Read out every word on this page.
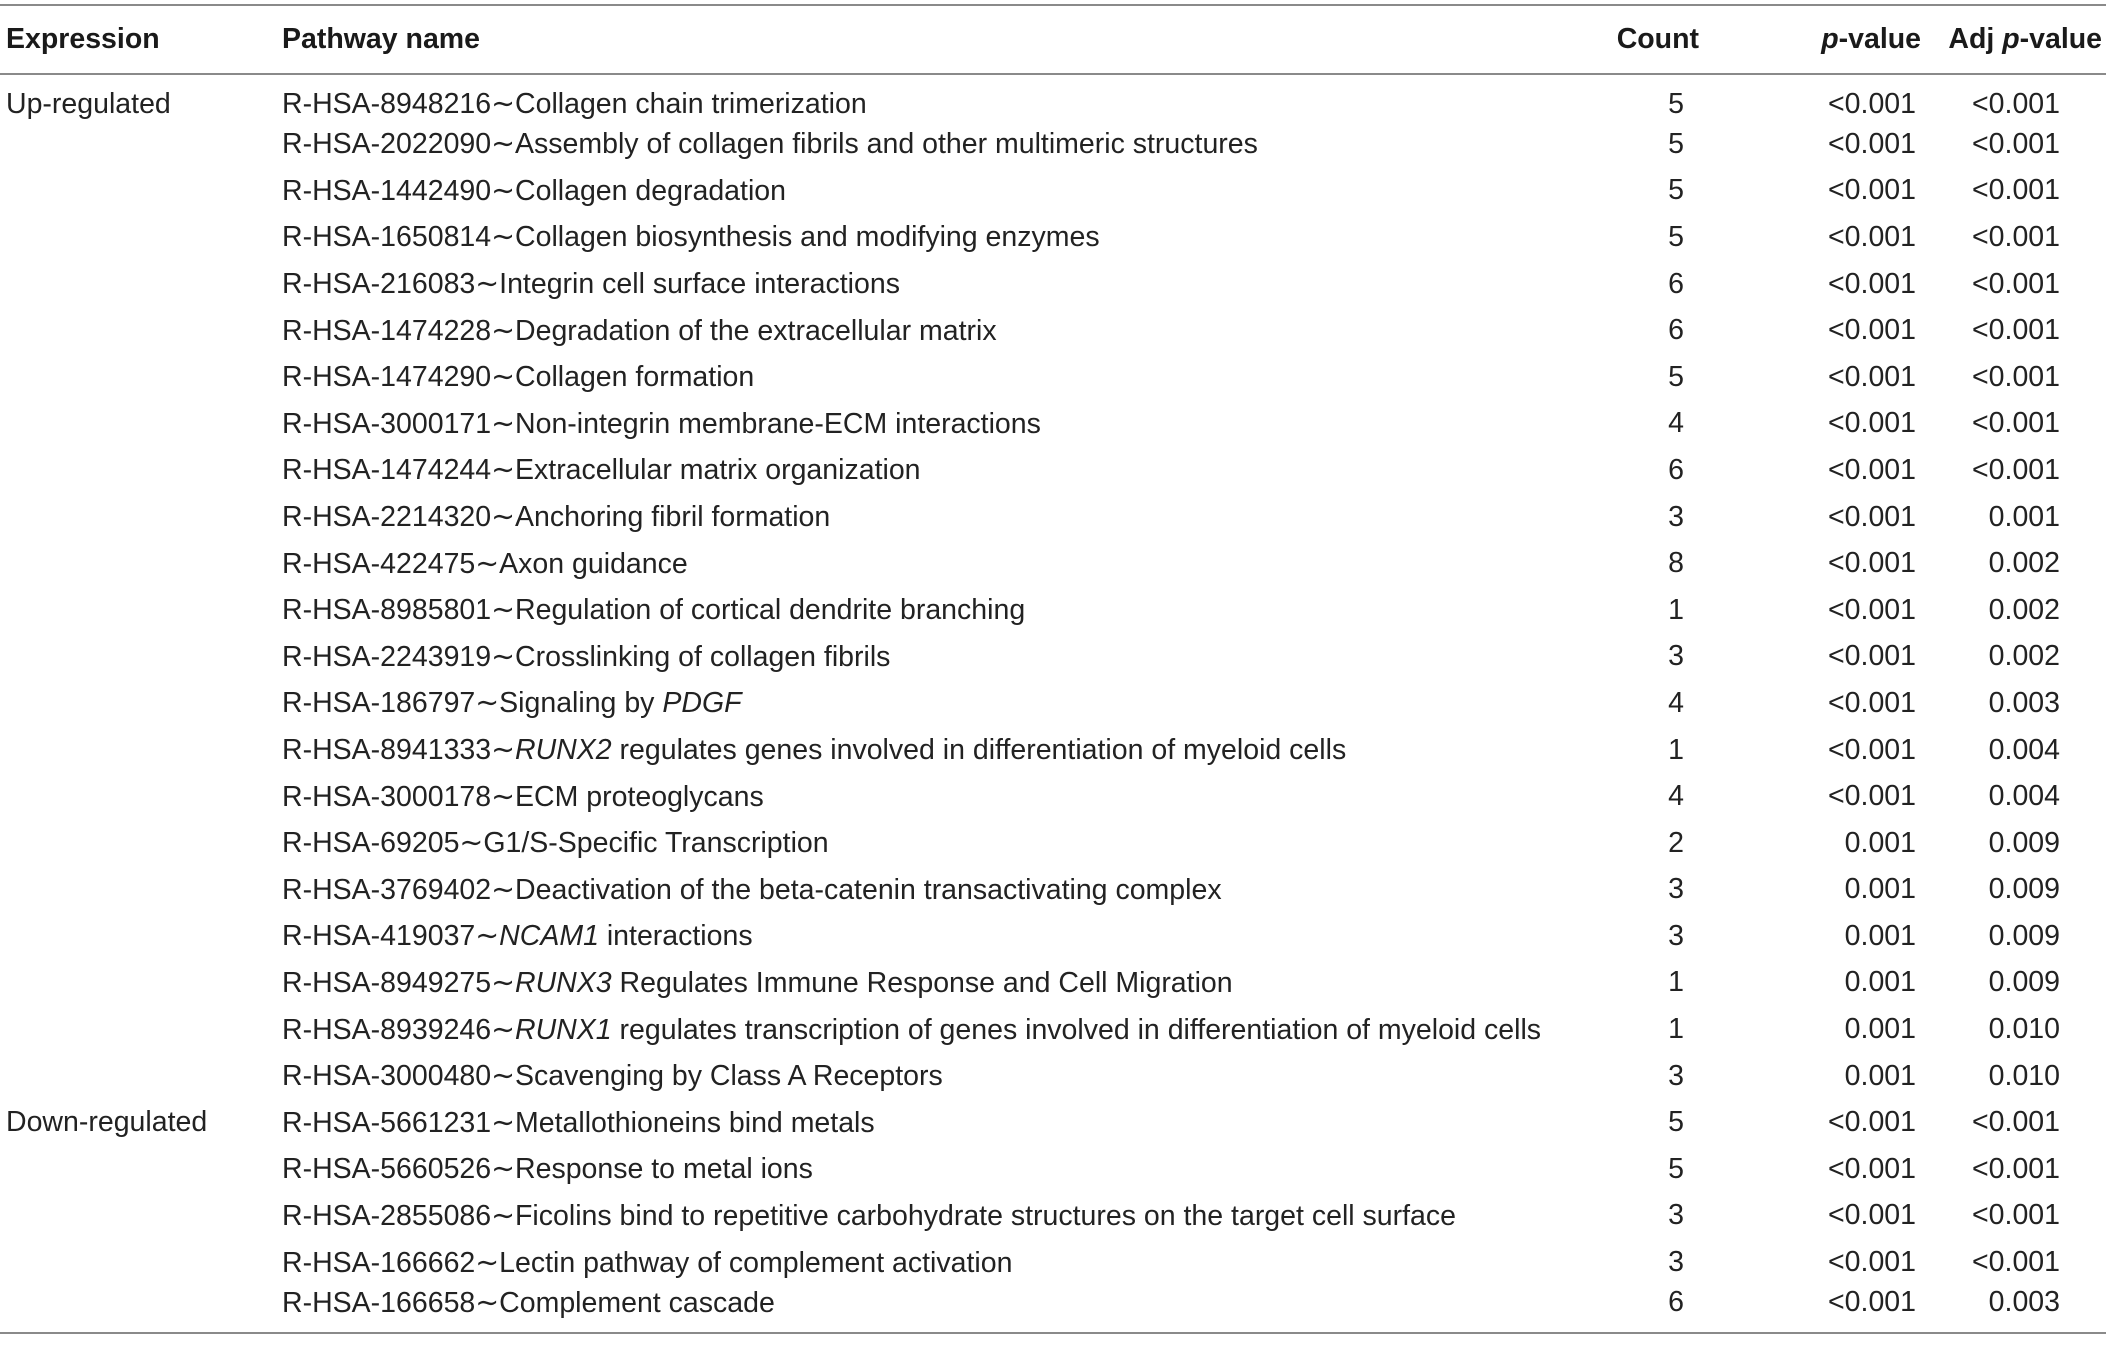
Expression	Pathway name	Count	p-value	Adj p-value
Up-regulated	R-HSA-8948216∼Collagen chain trimerization	5	<0.001	<0.001
	R-HSA-2022090∼Assembly of collagen fibrils and other multimeric structures	5	<0.001	<0.001
	R-HSA-1442490∼Collagen degradation	5	<0.001	<0.001
	R-HSA-1650814∼Collagen biosynthesis and modifying enzymes	5	<0.001	<0.001
	R-HSA-216083∼Integrin cell surface interactions	6	<0.001	<0.001
	R-HSA-1474228∼Degradation of the extracellular matrix	6	<0.001	<0.001
	R-HSA-1474290∼Collagen formation	5	<0.001	<0.001
	R-HSA-3000171∼Non-integrin membrane-ECM interactions	4	<0.001	<0.001
	R-HSA-1474244∼Extracellular matrix organization	6	<0.001	<0.001
	R-HSA-2214320∼Anchoring fibril formation	3	<0.001	0.001
	R-HSA-422475∼Axon guidance	8	<0.001	0.002
	R-HSA-8985801∼Regulation of cortical dendrite branching	1	<0.001	0.002
	R-HSA-2243919∼Crosslinking of collagen fibrils	3	<0.001	0.002
	R-HSA-186797∼Signaling by PDGF	4	<0.001	0.003
	R-HSA-8941333∼RUNX2 regulates genes involved in differentiation of myeloid cells	1	<0.001	0.004
	R-HSA-3000178∼ECM proteoglycans	4	<0.001	0.004
	R-HSA-69205∼G1/S-Specific Transcription	2	0.001	0.009
	R-HSA-3769402∼Deactivation of the beta-catenin transactivating complex	3	0.001	0.009
	R-HSA-419037∼NCAM1 interactions	3	0.001	0.009
	R-HSA-8949275∼RUNX3 Regulates Immune Response and Cell Migration	1	0.001	0.009
	R-HSA-8939246∼RUNX1 regulates transcription of genes involved in differentiation of myeloid cells	1	0.001	0.010
	R-HSA-3000480∼Scavenging by Class A Receptors	3	0.001	0.010
Down-regulated	R-HSA-5661231∼Metallothioneins bind metals	5	<0.001	<0.001
	R-HSA-5660526∼Response to metal ions	5	<0.001	<0.001
	R-HSA-2855086∼Ficolins bind to repetitive carbohydrate structures on the target cell surface	3	<0.001	<0.001
	R-HSA-166662∼Lectin pathway of complement activation	3	<0.001	<0.001
	R-HSA-166658∼Complement cascade	6	<0.001	0.003
